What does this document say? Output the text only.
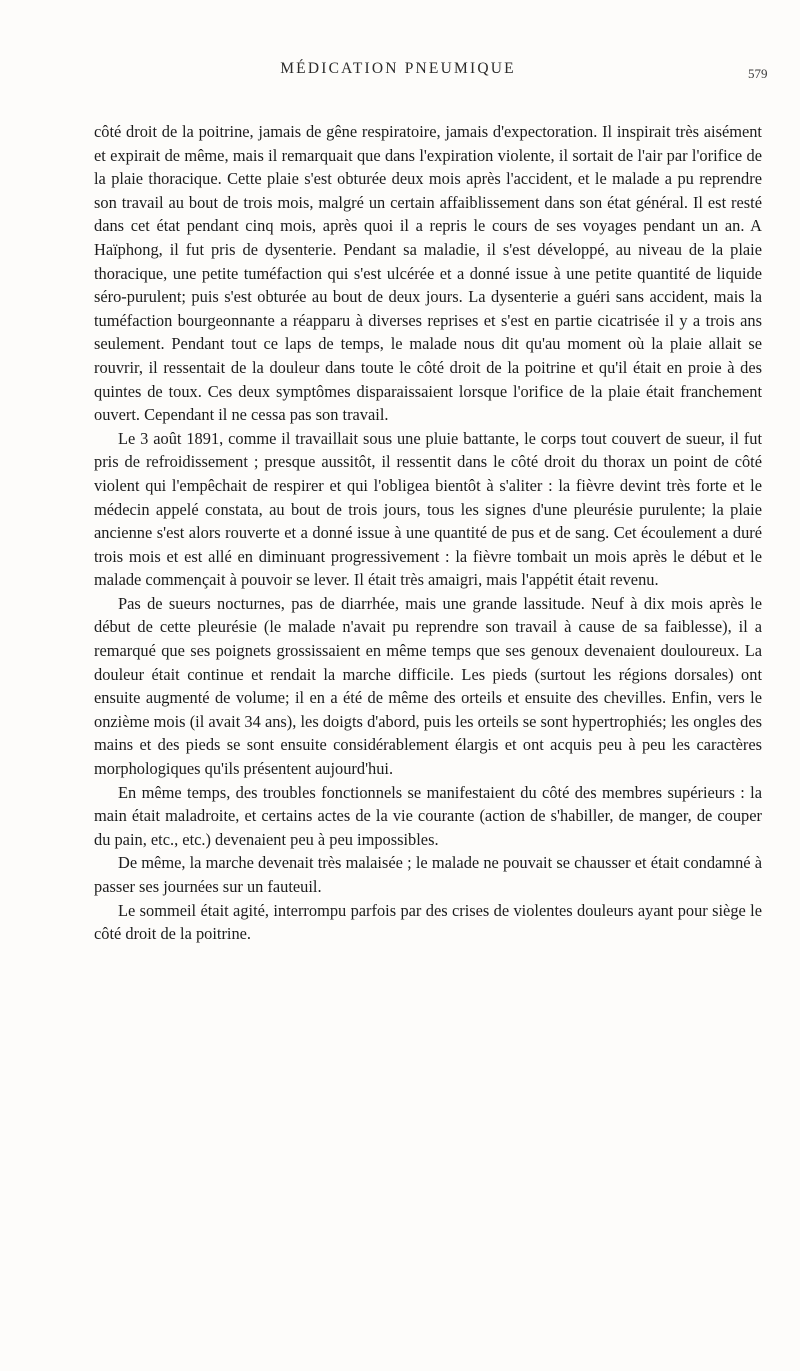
MÉDICATION PNEUMIQUE	579

côté droit de la poitrine, jamais de gêne respiratoire, jamais d'expectoration. Il inspirait très aisément et expirait de même, mais il remarquait que dans l'expiration violente, il sortait de l'air par l'orifice de la plaie thoracique. Cette plaie s'est obturée deux mois après l'accident, et le malade a pu reprendre son travail au bout de trois mois, malgré un certain affaiblissement dans son état général. Il est resté dans cet état pendant cinq mois, après quoi il a repris le cours de ses voyages pendant un an. A Haïphong, il fut pris de dysenterie. Pendant sa maladie, il s'est développé, au niveau de la plaie thoracique, une petite tuméfaction qui s'est ulcérée et a donné issue à une petite quantité de liquide séro-purulent; puis s'est obturée au bout de deux jours. La dysenterie a guéri sans accident, mais la tuméfaction bourgeonnante a réapparu à diverses reprises et s'est en partie cicatrisée il y a trois ans seulement. Pendant tout ce laps de temps, le malade nous dit qu'au moment où la plaie allait se rouvrir, il ressentait de la douleur dans toute le côté droit de la poitrine et qu'il était en proie à des quintes de toux. Ces deux symptômes disparaissaient lorsque l'orifice de la plaie était franchement ouvert. Cependant il ne cessa pas son travail.

Le 3 août 1891, comme il travaillait sous une pluie battante, le corps tout couvert de sueur, il fut pris de refroidissement ; presque aussitôt, il ressentit dans le côté droit du thorax un point de côté violent qui l'empêchait de respirer et qui l'obligea bientôt à s'aliter : la fièvre devint très forte et le médecin appelé constata, au bout de trois jours, tous les signes d'une pleurésie purulente; la plaie ancienne s'est alors rouverte et a donné issue à une quantité de pus et de sang. Cet écoulement a duré trois mois et est allé en diminuant progressivement : la fièvre tombait un mois après le début et le malade commençait à pouvoir se lever. Il était très amaigri, mais l'appétit était revenu.

Pas de sueurs nocturnes, pas de diarrhée, mais une grande lassitude. Neuf à dix mois après le début de cette pleurésie (le malade n'avait pu reprendre son travail à cause de sa faiblesse), il a remarqué que ses poignets grossissaient en même temps que ses genoux devenaient douloureux. La douleur était continue et rendait la marche difficile. Les pieds (surtout les régions dorsales) ont ensuite augmenté de volume; il en a été de même des orteils et ensuite des chevilles. Enfin, vers le onzième mois (il avait 34 ans), les doigts d'abord, puis les orteils se sont hypertrophiés; les ongles des mains et des pieds se sont ensuite considérablement élargis et ont acquis peu à peu les caractères morphologiques qu'ils présentent aujourd'hui.

En même temps, des troubles fonctionnels se manifestaient du côté des membres supérieurs : la main était maladroite, et certains actes de la vie courante (action de s'habiller, de manger, de couper du pain, etc., etc.) devenaient peu à peu impossibles.

De même, la marche devenait très malaisée ; le malade ne pouvait se chausser et était condamné à passer ses journées sur un fauteuil.

Le sommeil était agité, interrompu parfois par des crises de violentes douleurs ayant pour siège le côté droit de la poitrine.
